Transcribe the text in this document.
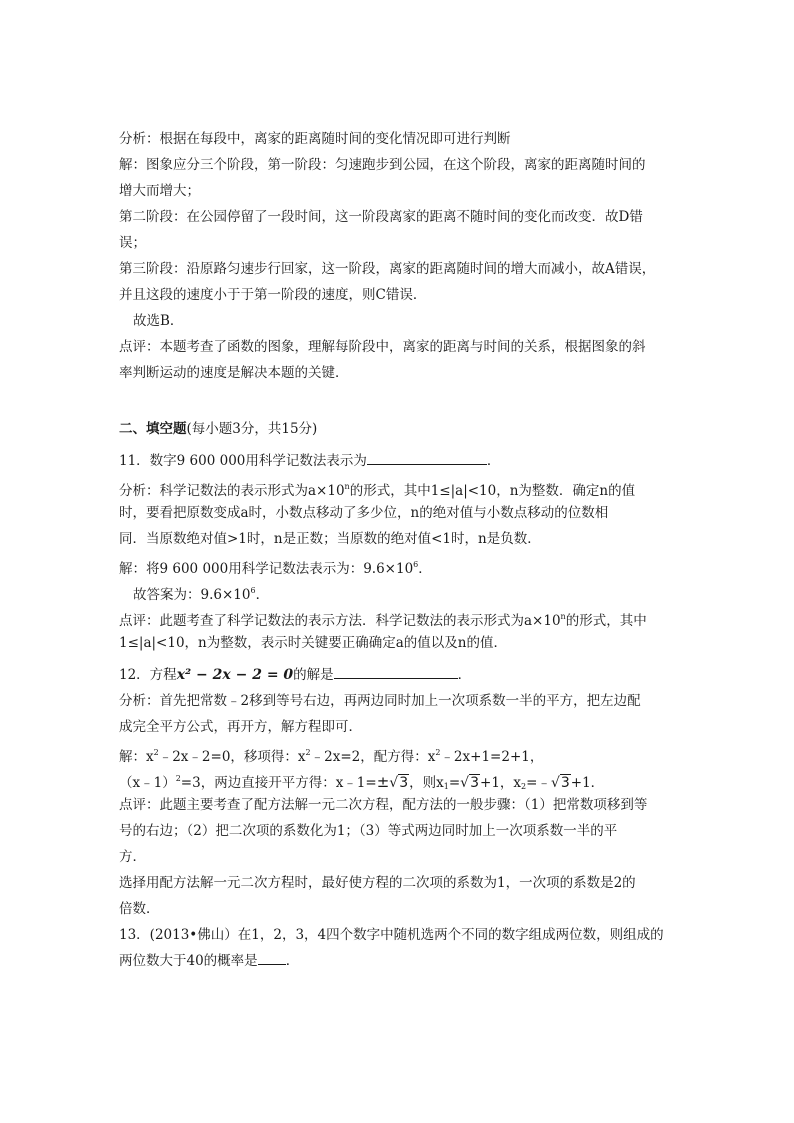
分析：根据在每段中，离家的距离随时间的变化情况即可进行判断
解：图象应分三个阶段，第一阶段：匀速跑步到公园，在这个阶段，离家的距离随时间的
增大而增大；
第二阶段：在公园停留了一段时间，这一阶段离家的距离不随时间的变化而改变．故D错
误；
第三阶段：沿原路匀速步行回家，这一阶段，离家的距离随时间的增大而减小，故A错误，
并且这段的速度小于于第一阶段的速度，则C错误．
故选B．
点评：本题考查了函数的图象，理解每阶段中，离家的距离与时间的关系，根据图象的斜
率判断运动的速度是解决本题的关键．
二、填空题(每小题3分，共15分)
11．数字9 600 000用科学记数法表示为	．
分析：科学记数法的表示形式为$a\times 10^n$的形式，其中1≤|a|<10，n为整数．确定n的值
时，要看把原数变成a时，小数点移动了多少位，n的绝对值与小数点移动的位数相
同．当原数绝对值>1时，n是正数；当原数的绝对值<1时，n是负数．
解：将9 600 000用科学记数法表示为：$9.6\times 10^6$．
故答案为：$9.6\times 10^6$．
点评：此题考查了科学记数法的表示方法．科学记数法的表示形式为$a\times 10^n$的形式，其中
1≤|a|<10，n为整数，表示时关键要正确确定a的值以及n的值．
12．方程x² − 2x − 2 = 0的解是	．
分析：首先把常数﹣2移到等号右边，再两边同时加上一次项系数一半的平方，把左边配
成完全平方公式，再开方，解方程即可．
解：$x^2﹣2x﹣2=0$，移项得：$x^2﹣2x=2$，配方得：$x^2﹣2x+1=2+1$，
（x﹣1）$^2$=3，两边直接开平方得：x﹣1=±√3，则$x_1=√3+1$，$x_2=﹣√3+1$．
点评：此题主要考查了配方法解一元二次方程，配方法的一般步骤：（1）把常数项移到等
号的右边；（2）把二次项的系数化为1；（3）等式两边同时加上一次项系数一半的平
方．
选择用配方法解一元二次方程时，最好使方程的二次项的系数为1，一次项的系数是2的
倍数．
13．(2013•佛山）在1，2，3，4四个数字中随机选两个不同的数字组成两位数，则组成的
两位数大于40的概率是 ．
